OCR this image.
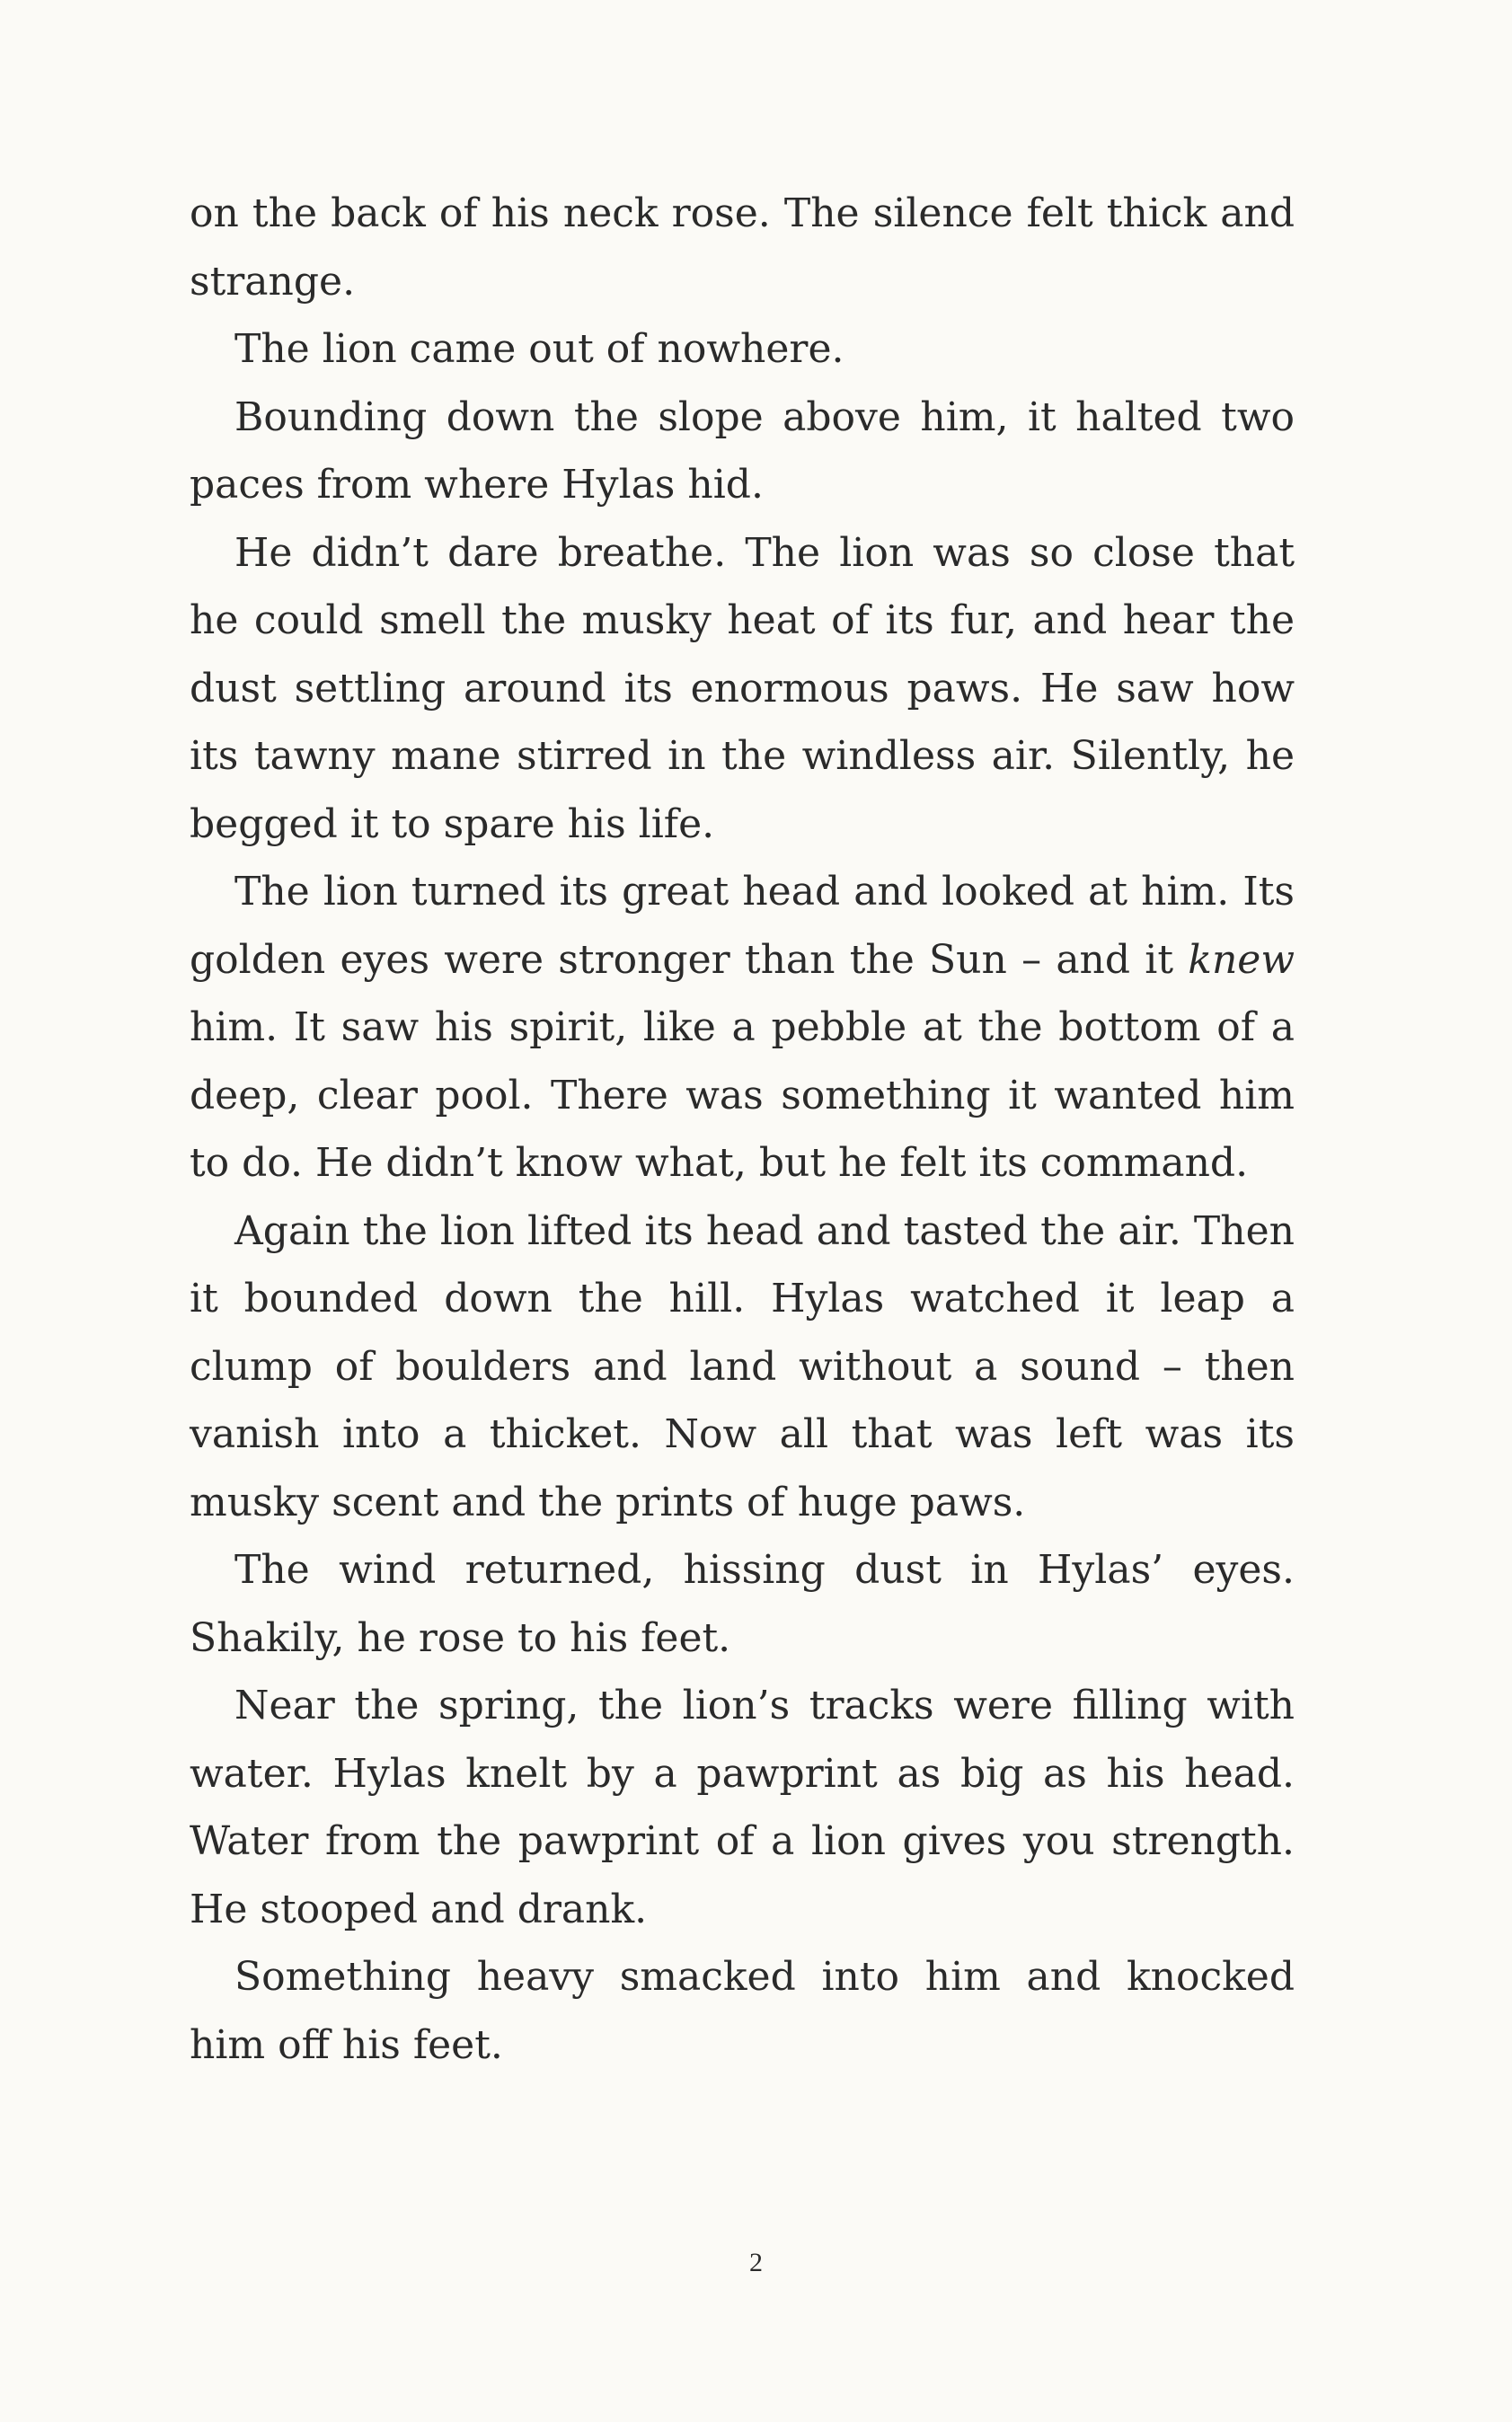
on the back of his neck rose. The silence felt thick and strange.

The lion came out of nowhere.

Bounding down the slope above him, it halted two paces from where Hylas hid.

He didn’t dare breathe. The lion was so close that he could smell the musky heat of its fur, and hear the dust settling around its enormous paws. He saw how its tawny mane stirred in the windless air. Silently, he begged it to spare his life.

The lion turned its great head and looked at him. Its golden eyes were stronger than the Sun – and it knew him. It saw his spirit, like a pebble at the bottom of a deep, clear pool. There was something it wanted him to do. He didn’t know what, but he felt its command.

Again the lion lifted its head and tasted the air. Then it bounded down the hill. Hylas watched it leap a clump of boulders and land without a sound – then vanish into a thicket. Now all that was left was its musky scent and the prints of huge paws.

The wind returned, hissing dust in Hylas’ eyes. Shakily, he rose to his feet.

Near the spring, the lion’s tracks were filling with water. Hylas knelt by a pawprint as big as his head. Water from the pawprint of a lion gives you strength. He stooped and drank.

Something heavy smacked into him and knocked him off his feet.

2
